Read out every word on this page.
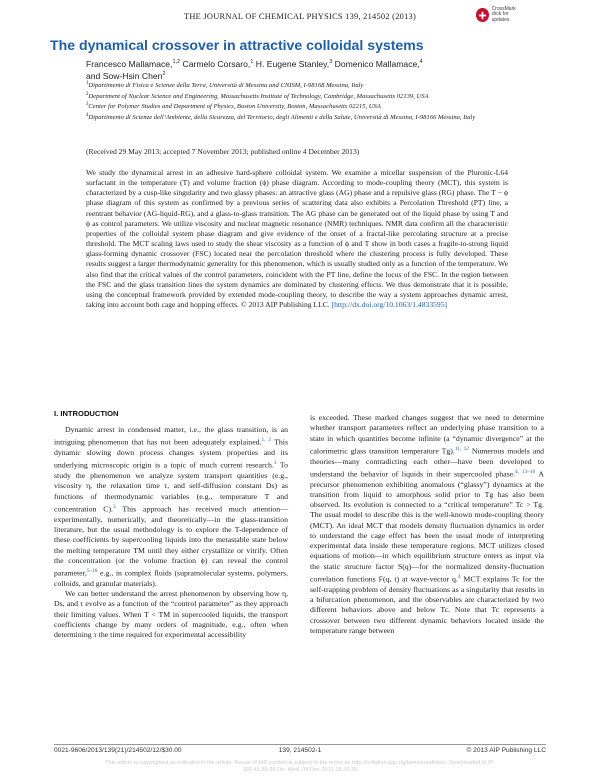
THE JOURNAL OF CHEMICAL PHYSICS 139, 214502 (2013)
CrossMark
click for updates
The dynamical crossover in attractive colloidal systems
Francesco Mallamace,$^{1,2}$ Carmelo Corsaro,$^1$ H. Eugene Stanley,$^3$ Domenico Mallamace,$^4$
and Sow-Hsin Chen$^2$
$^1$Dipartimento di Fisica e Scienze della Terra, Università di Messina and CNISM, I-98168 Messina, Italy
$^2$Department of Nuclear Science and Engineering, Massachusetts Institute of Technology, Cambridge, Massachusetts 02139, USA
$^3$Center for Polymer Studies and Department of Physics, Boston University, Boston, Massachusetts 02215, USA
$^4$Dipartimento di Scienze dell’Ambiente, della Sicurezza, del Territorio, degli Alimenti e della Salute, Università di Messina, I-98166 Messina, Italy
(Received 29 May 2013; accepted 7 November 2013; published online 4 December 2013)
We study the dynamical arrest in an adhesive hard-sphere colloidal system. We examine a micellar suspension of the Pluronic-L64 surfactant in the temperature (T) and volume fraction (ϕ) phase diagram. According to mode-coupling theory (MCT), this system is characterized by a cusp-like singularity and two glassy phases: an attractive glass (AG) phase and a repulsive glass (RG) phase. The T − ϕ phase diagram of this system as confirmed by a previous series of scattering data also exhibits a Percolation Threshold (PT) line, a reentrant behavior (AG-liquid-RG), and a glass-to-glass transition. The AG phase can be generated out of the liquid phase by using T and ϕ as control parameters. We utilize viscosity and nuclear magnetic resonance (NMR) techniques. NMR data confirm all the characteristic properties of the colloidal system phase diagram and give evidence of the onset of a fractal-like percolating structure at a precise threshold. The MCT scaling laws used to study the shear viscosity as a function of ϕ and T show in both cases a fragile-to-strong liquid glass-forming dynamic crossover (FSC) located near the percolation threshold where the clustering process is fully developed. These results suggest a larger thermodynamic generality for this phenomenon, which is usually studied only as a function of the temperature. We also find that the critical values of the control parameters, coincident with the PT line, define the locus of the FSC. In the region between the FSC and the glass transition lines the system dynamics are dominated by clustering effects. We thus demonstrate that it is possible, using the conceptual framework provided by extended mode-coupling theory, to describe the way a system approaches dynamic arrest, taking into account both cage and hopping effects. © 2013 AIP Publishing LLC. [http://dx.doi.org/10.1063/1.4833595]
I. INTRODUCTION

Dynamic arrest in condensed matter, i.e., the glass transition, is an intriguing phenomenon that has not been adequately explained.$^{1, 2}$ This dynamic slowing down process changes system properties and its underlying microscopic origin is a topic of much current research.$^3$ To study the phenomenon we analyze system transport quantities (e.g., viscosity η, the relaxation time τ, and self-diffusion constant Ds) as functions of thermodynamic variables (e.g., temperature T and concentration C).$^3$ This approach has received much attention—experimentally, numerically, and theoretically—in the glass-transition literature, but the usual methodology is to explore the T-dependence of these coefficients by supercooling liquids into the metastable state below the melting temperature TM until they either crystallize or vitrify. Often the concentration (or the volume fraction ϕ) can reveal the control parameter,$^{5-10}$ e.g., in complex fluids (supramolecular systems, polymers, colloids, and granular materials).

We can better understand the arrest phenomenon by observing how η, Ds, and τ evolve as a function of the “control parameter” as they approach their limiting values. When T < TM in supercooled liquids, the transport coefficients change by many orders of magnitude, e.g., often when determining τ the time required for experimental accessibility

is exceeded. These marked changes suggest that we need to determine whether transport parameters reflect an underlying phase transition to a state in which quantities become infinite (a “dynamic divergence” at the calorimetric glass transition temperature Tg).$^{11, 12}$ Numerous models and theories—many contradicting each other—have been developed to understand the behavior of liquids in their supercooled phase.$^{4, 13-16}$ A precursor phenomenon exhibiting anomalous (“glassy”) dynamics at the transition from liquid to amorphous solid prior to Tg has also been observed. Its evolution is connected to a “critical temperature” Tc > Tg. The usual model to describe this is the well-known mode-coupling theory (MCT). An ideal MCT that models density fluctuation dynamics in order to understand the cage effect has been the usual mode of interpreting experimental data inside these temperature regions. MCT utilizes closed equations of motion—in which equilibrium structure enters as input via the static structure factor S(q)—for the normalized density-fluctuation correlation functions F(q, t) at wave-vector q.$^4$ MCT explains Tc for the self-trapping problem of density fluctuations as a singularity that results in a bifurcation phenomenon, and the observables are characterized by two different behaviors above and below Tc. Note that Tc represents a crossover between two different dynamic behaviors located inside the temperature range between

0021-9606/2013/139(21)/214502/12/$30.00	139, 214502-1	© 2013 AIP Publishing LLC
This article is copyrighted as indicated in the article. Reuse of AIP content is subject to the terms at: http://scitation.aip.org/termsconditions. Downloaded to IP:
155.41.89.29 On: Wed, 04 Dec 2013 18:25:30
